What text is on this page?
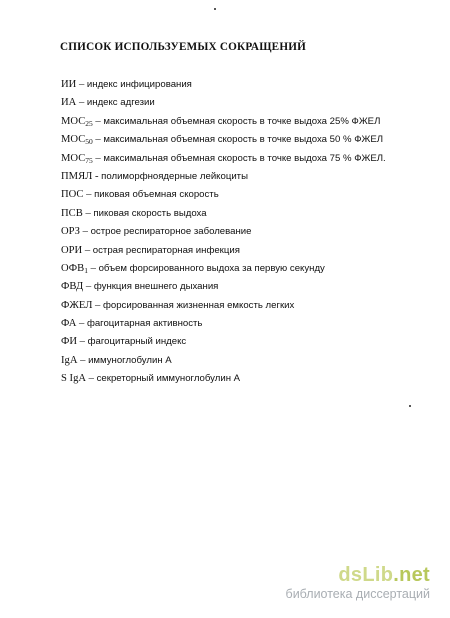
СПИСОК ИСПОЛЬЗУЕМЫХ СОКРАЩЕНИЙ
ИИ – индекс инфицирования
ИА – индекс адгезии
МОС25 – максимальная объемная скорость в точке выдоха 25% ФЖЕЛ
МОС50 – максимальная объемная скорость в точке выдоха 50 % ФЖЕЛ
МОС75 – максимальная объемная скорость в точке выдоха 75 % ФЖЕЛ.
ПМЯЛ - полиморфноядерные лейкоциты
ПОС – пиковая объемная скорость
ПСВ – пиковая скорость выдоха
ОРЗ – острое респираторное заболевание
ОРИ – острая респираторная инфекция
ОФВ1 – объем форсированного выдоха за первую секунду
ФВД – функция внешнего дыхания
ФЖЕЛ – форсированная жизненная емкость легких
ФА – фагоцитарная активность
ФИ – фагоцитарный индекс
IgA – иммуноглобулин А
S IgA – секреторный иммуноглобулин А
dsLib.net
библиотека диссертаций
